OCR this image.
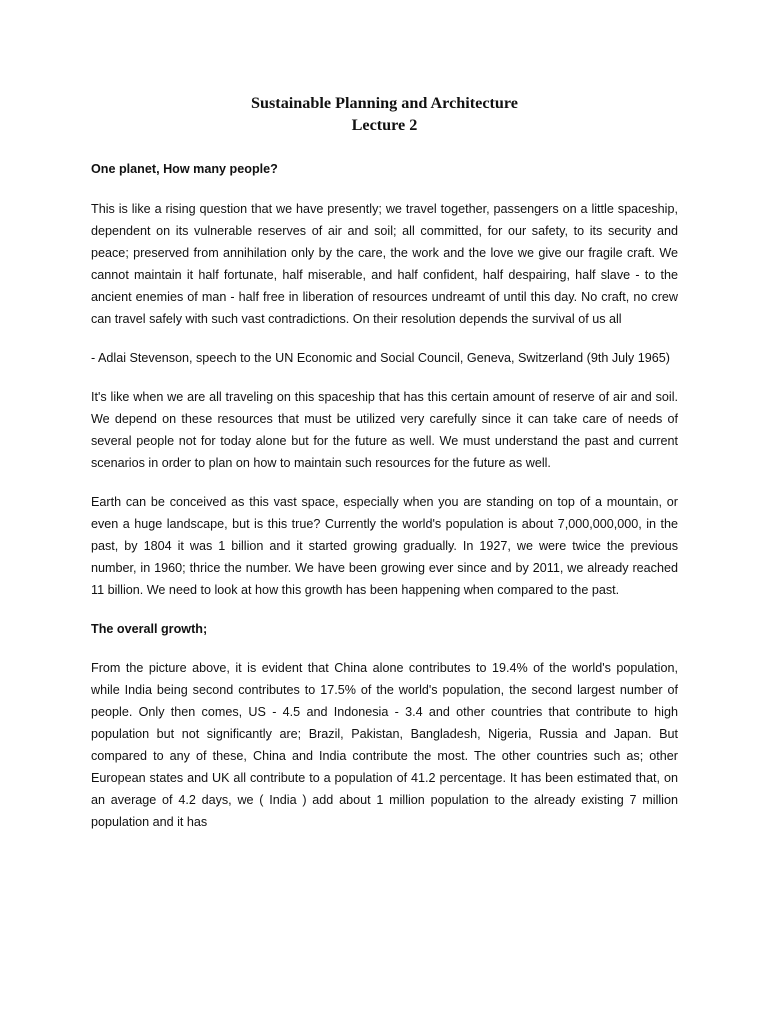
Sustainable Planning and Architecture

Lecture 2

One planet, How many people?

This is like a rising question that we have presently; we travel together, passengers on a little spaceship, dependent on its vulnerable reserves of air and soil; all committed, for our safety, to its security and peace; preserved from annihilation only by the care, the work and the love we give our fragile craft. We cannot maintain it half fortunate, half miserable, and half confident, half despairing, half slave - to the ancient enemies of man - half free in liberation of resources undreamt of until this day. No craft, no crew can travel safely with such vast contradictions. On their resolution depends the survival of us all

- Adlai Stevenson, speech to the UN Economic and Social Council, Geneva, Switzerland (9th July 1965)

It's like when we are all traveling on this spaceship that has this certain amount of reserve of air and soil. We depend on these resources that must be utilized very carefully since it can take care of needs of several people not for today alone but for the future as well. We must understand the past and current scenarios in order to plan on how to maintain such resources for the future as well.

Earth can be conceived as this vast space, especially when you are standing on top of a mountain, or even a huge landscape, but is this true? Currently the world's population is about 7,000,000,000, in the past, by 1804 it was 1 billion and it started growing gradually. In 1927, we were twice the previous number, in 1960; thrice the number. We have been growing ever since and by 2011, we already reached 11 billion. We need to look at how this growth has been happening when compared to the past.

The overall growth;

From the picture above, it is evident that China alone contributes to 19.4% of the world's population, while India being second contributes to 17.5% of the world's population, the second largest number of people. Only then comes, US - 4.5 and Indonesia - 3.4 and other countries that contribute to high population but not significantly are; Brazil, Pakistan, Bangladesh, Nigeria, Russia and Japan. But compared to any of these, China and India contribute the most. The other countries such as; other European states and UK all contribute to a population of 41.2 percentage. It has been estimated that, on an average of 4.2 days, we ( India ) add about 1 million population to the already existing 7 million population and it has
